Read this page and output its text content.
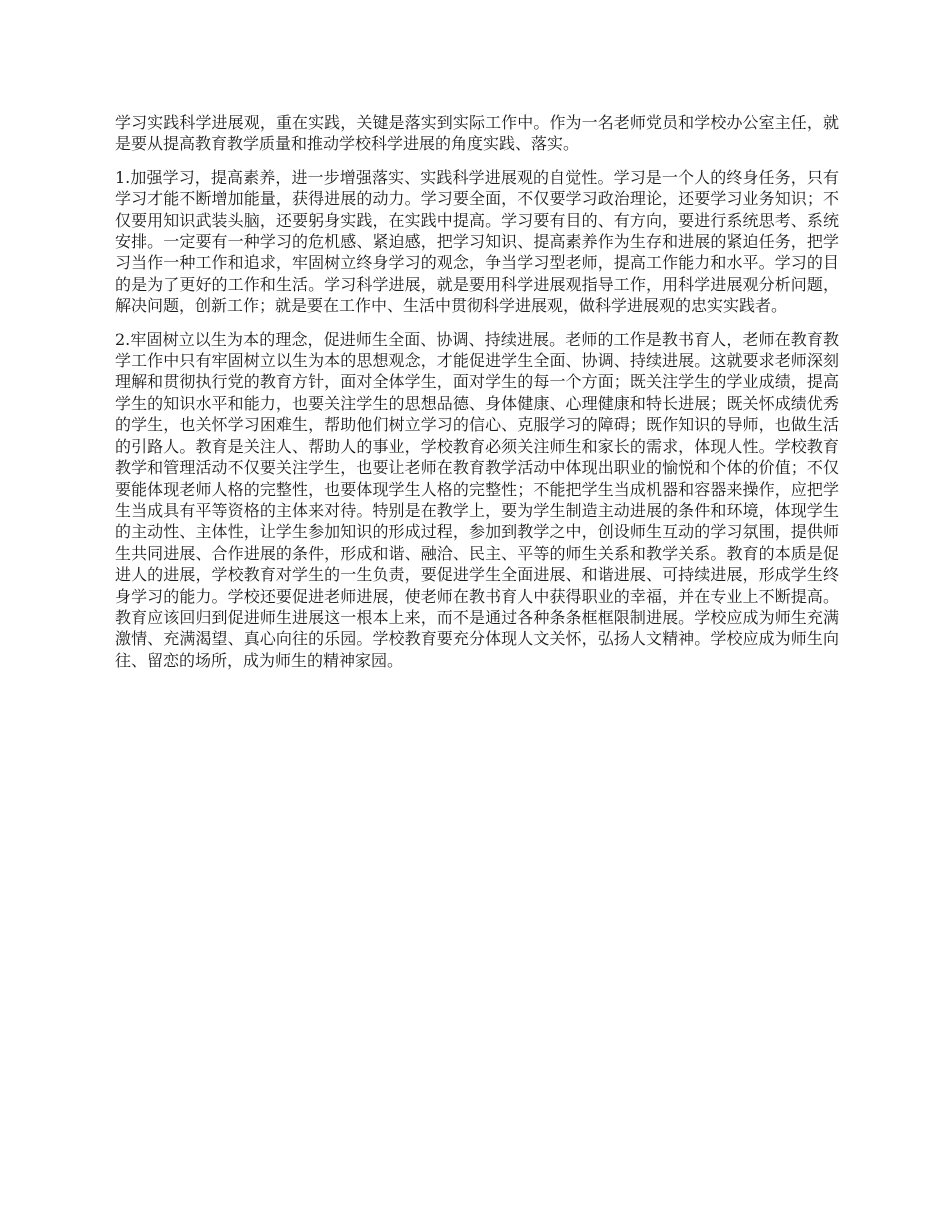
学习实践科学进展观，重在实践，关键是落实到实际工作中。作为一名老师党员和学校办公室主任，就是要从提高教育教学质量和推动学校科学进展的角度实践、落实。

1.加强学习，提高素养，进一步增强落实、实践科学进展观的自觉性。学习是一个人的终身任务，只有学习才能不断增加能量，获得进展的动力。学习要全面，不仅要学习政治理论，还要学习业务知识；不仅要用知识武装头脑，还要躬身实践，在实践中提高。学习要有目的、有方向，要进行系统思考、系统安排。一定要有一种学习的危机感、紧迫感，把学习知识、提高素养作为生存和进展的紧迫任务，把学习当作一种工作和追求，牢固树立终身学习的观念，争当学习型老师，提高工作能力和水平。学习的目的是为了更好的工作和生活。学习科学进展，就是要用科学进展观指导工作，用科学进展观分析问题，解决问题，创新工作；就是要在工作中、生活中贯彻科学进展观，做科学进展观的忠实实践者。

2.牢固树立以生为本的理念，促进师生全面、协调、持续进展。老师的工作是教书育人，老师在教育教学工作中只有牢固树立以生为本的思想观念，才能促进学生全面、协调、持续进展。这就要求老师深刻理解和贯彻执行党的教育方针，面对全体学生，面对学生的每一个方面；既关注学生的学业成绩，提高学生的知识水平和能力，也要关注学生的思想品德、身体健康、心理健康和特长进展；既关怀成绩优秀的学生，也关怀学习困难生，帮助他们树立学习的信心、克服学习的障碍；既作知识的导师，也做生活的引路人。教育是关注人、帮助人的事业，学校教育必须关注师生和家长的需求，体现人性。学校教育教学和管理活动不仅要关注学生，也要让老师在教育教学活动中体现出职业的愉悦和个体的价值；不仅要能体现老师人格的完整性，也要体现学生人格的完整性；不能把学生当成机器和容器来操作，应把学生当成具有平等资格的主体来对待。特别是在教学上，要为学生制造主动进展的条件和环境，体现学生的主动性、主体性，让学生参加知识的形成过程，参加到教学之中，创设师生互动的学习氛围，提供师生共同进展、合作进展的条件，形成和谐、融洽、民主、平等的师生关系和教学关系。教育的本质是促进人的进展，学校教育对学生的一生负责，要促进学生全面进展、和谐进展、可持续进展，形成学生终身学习的能力。学校还要促进老师进展，使老师在教书育人中获得职业的幸福，并在专业上不断提高。教育应该回归到促进师生进展这一根本上来，而不是通过各种条条框框限制进展。学校应成为师生充满激情、充满渴望、真心向往的乐园。学校教育要充分体现人文关怀，弘扬人文精神。学校应成为师生向往、留恋的场所，成为师生的精神家园。
